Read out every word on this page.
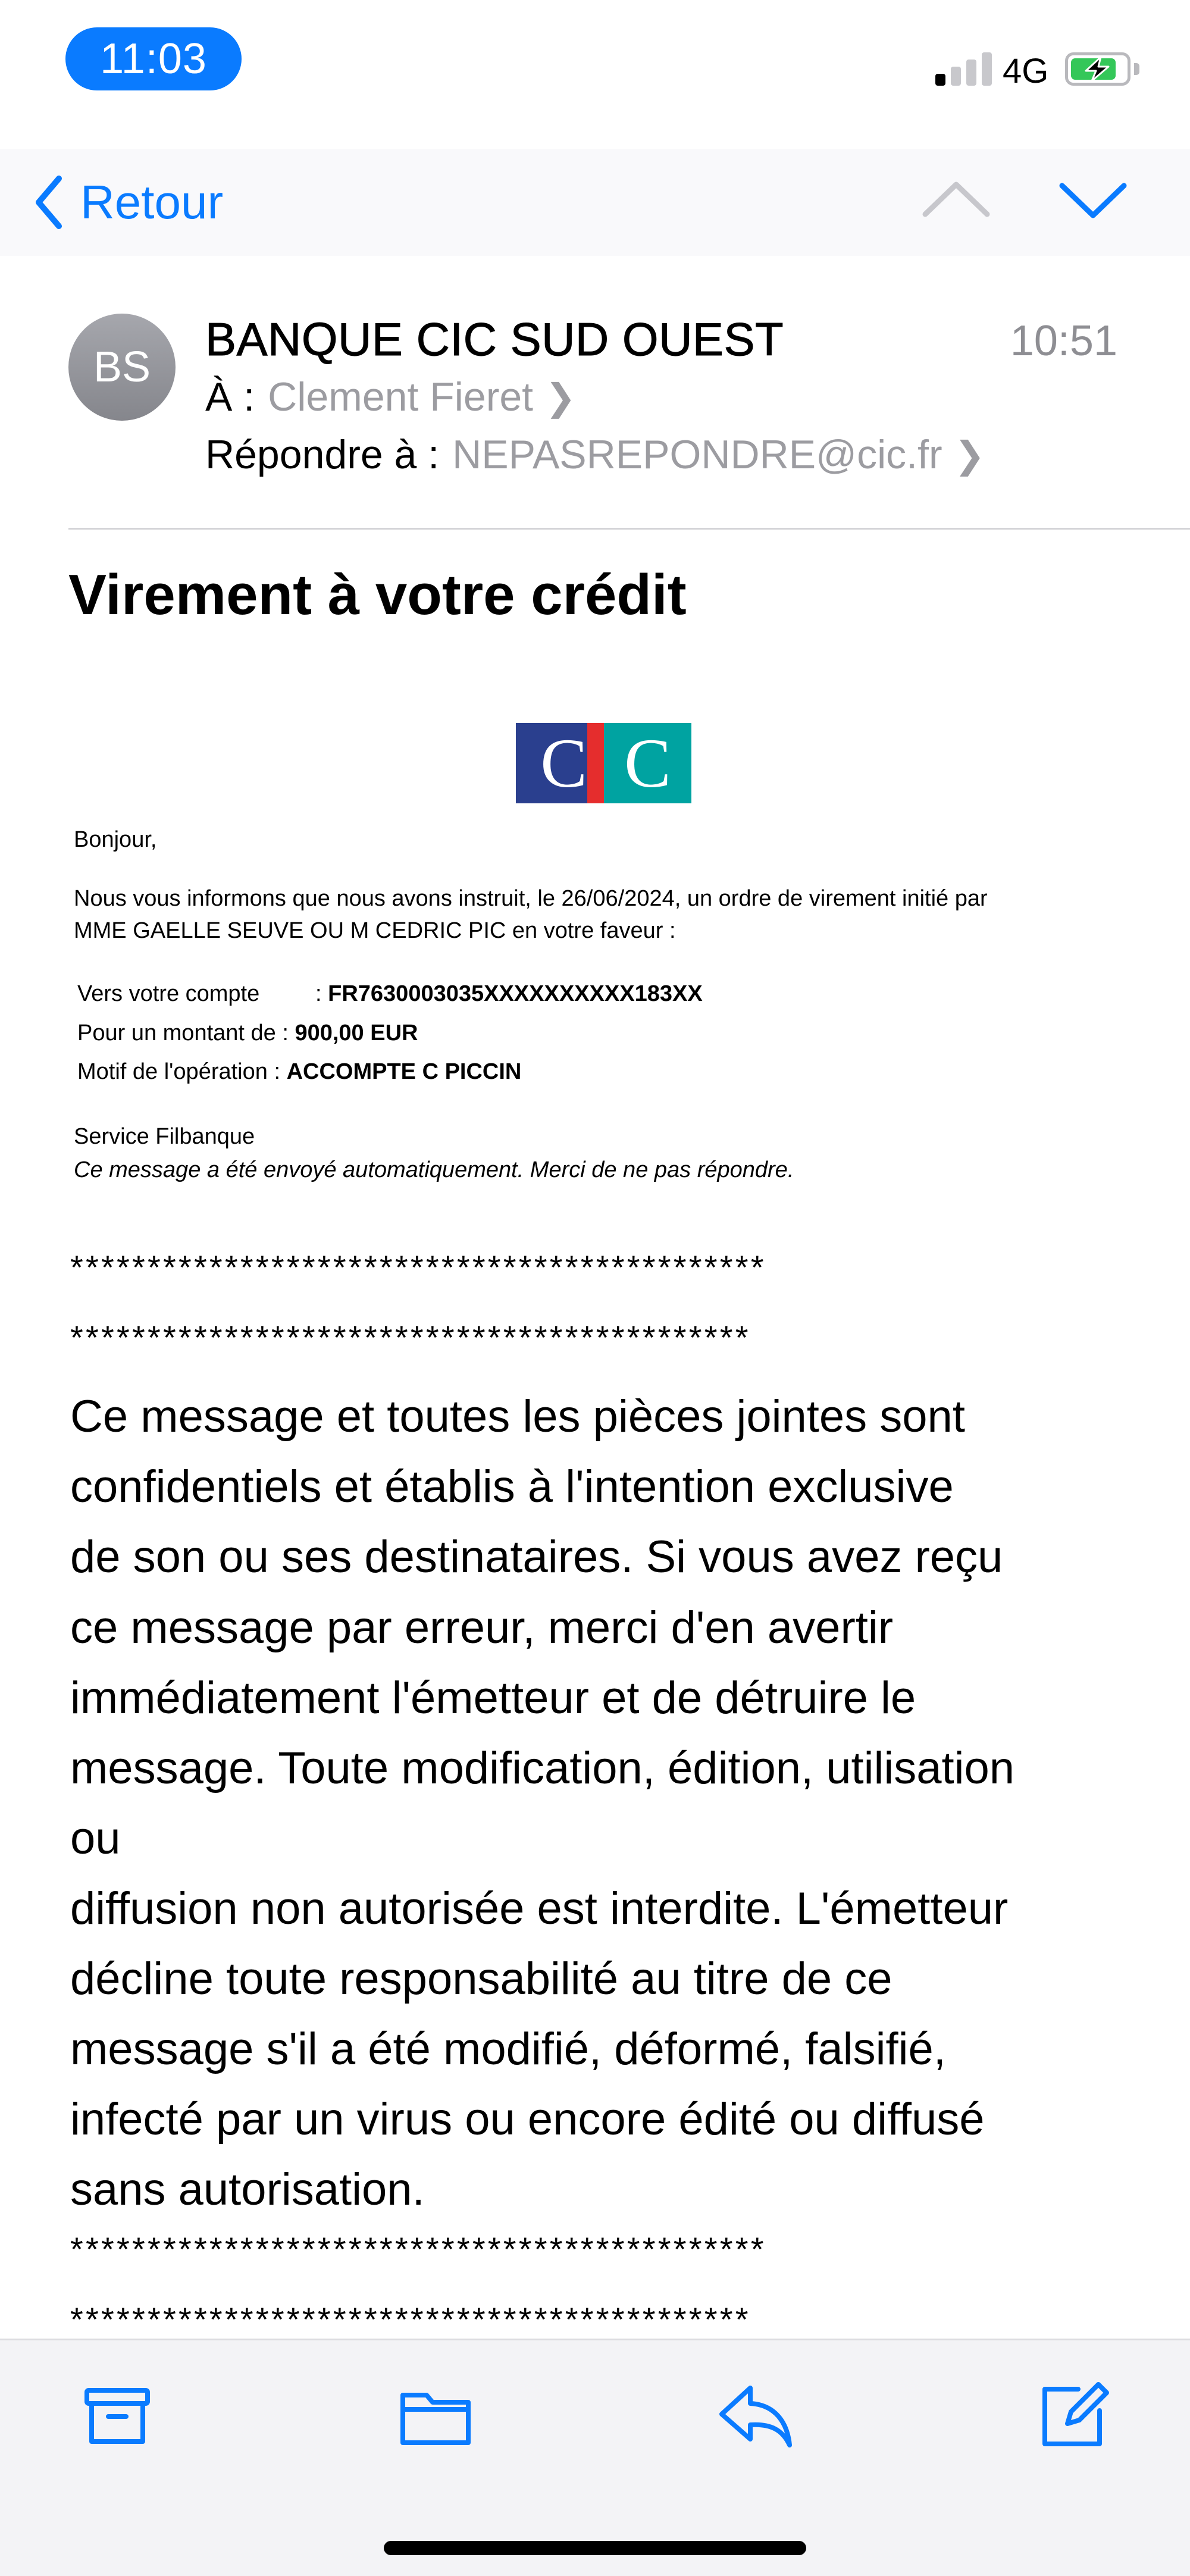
11:03	4G
Retour
BS
BANQUE CIC SUD OUEST	10:51
À : Clement Fieret ❯
Répondre à : NEPASREPONDRE@cic.fr ❯
Virement à votre crédit
C C
Bonjour,
Nous vous informons que nous avons instruit, le 26/06/2024, un ordre de virement initié par
MME GAELLE SEUVE OU M CEDRIC PIC en votre faveur :
Vers votre compte : FR7630003035XXXXXXXXXX183XX
Pour un montant de : 900,00 EUR
Motif de l'opération : ACCOMPTE C PICCIN
Service Filbanque
Ce message a été envoyé automatiquement. Merci de ne pas répondre.
*********************************************
********************************************
Ce message et toutes les pièces jointes sont
confidentiels et établis à l'intention exclusive
de son ou ses destinataires. Si vous avez reçu
ce message par erreur, merci d'en avertir
immédiatement l'émetteur et de détruire le
message. Toute modification, édition, utilisation
ou
diffusion non autorisée est interdite. L'émetteur
décline toute responsabilité au titre de ce
message s'il a été modifié, déformé, falsifié,
infecté par un virus ou encore édité ou diffusé
sans autorisation.
*********************************************
********************************************
